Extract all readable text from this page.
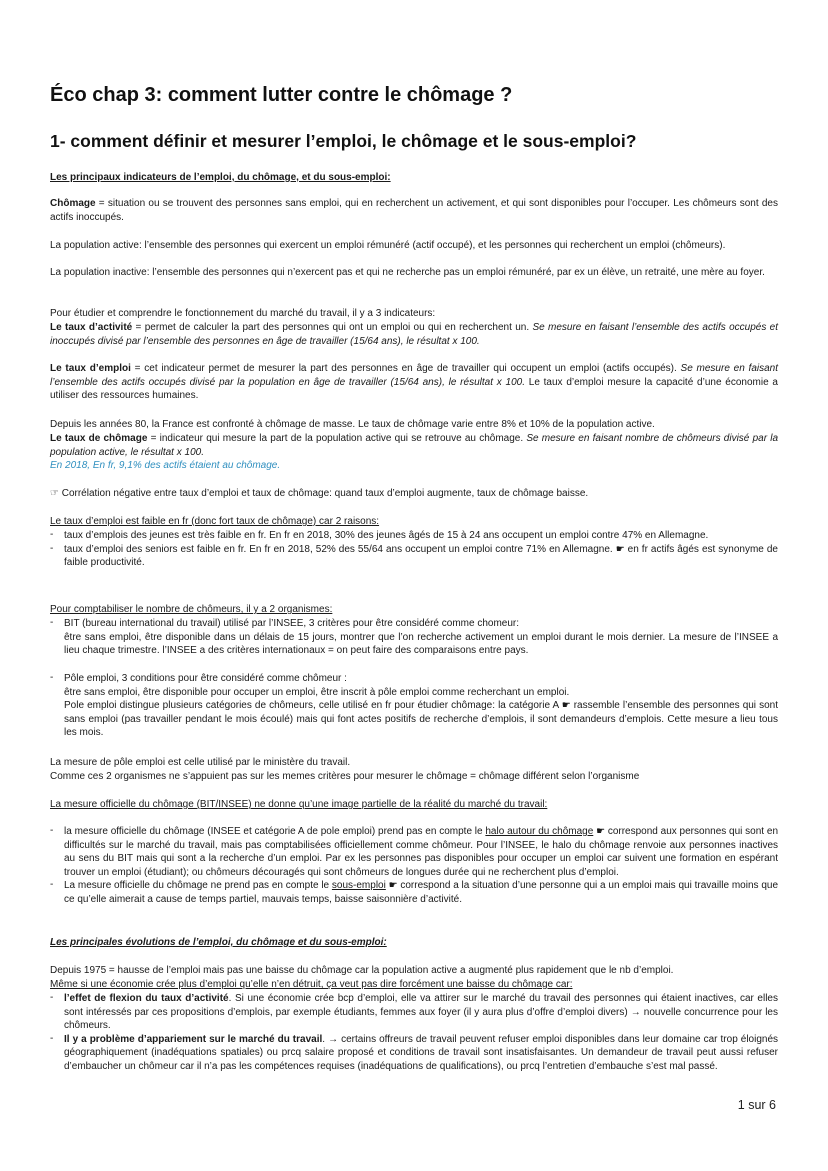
Éco chap 3: comment lutter contre le chômage ?
1- comment définir et mesurer l’emploi, le chômage et le sous-emploi?

Les principaux indicateurs de l’emploi, du chômage, et du sous-emploi:

Chômage = situation ou se trouvent des personnes sans emploi, qui en recherchent un activement, et qui sont disponibles pour l’occuper. Les chômeurs sont des actifs inoccupés.

La population active: l’ensemble des personnes qui exercent un emploi rémunéré (actif occupé), et les personnes qui recherchent un emploi (chômeurs).

La population inactive: l’ensemble des personnes qui n’exercent pas et qui ne recherche pas un emploi rémunéré, par ex un élève, un retraité, une mère au foyer.

Pour étudier et comprendre le fonctionnement du marché du travail, il y a 3 indicateurs:

Le taux d’activité = permet de calculer la part des personnes qui ont un emploi ou qui en recherchent un. Se mesure en faisant l’ensemble des actifs occupés et inoccupés divisé par l’ensemble des personnes en âge de travailler (15/64 ans), le résultat x 100.

Le taux d’emploi = cet indicateur permet de mesurer la part des personnes en âge de travailler qui occupent un emploi (actifs occupés). Se mesure en faisant l’ensemble des actifs occupés divisé par la population en âge de travailler (15/64 ans), le résultat x 100. Le taux d’emploi mesure la capacité d’une économie a utiliser des ressources humaines.

Depuis les années 80, la France est confronté à chômage de masse. Le taux de chômage varie entre 8% et 10% de la population active.

Le taux de chômage = indicateur qui mesure la part de la population active qui se retrouve au chômage. Se mesure en faisant nombre de chômeurs divisé par la population active, le résultat x 100.

En 2018, En fr, 9,1% des actifs étaient au chômage.

☞ Corrélation négative entre taux d’emploi et taux de chômage: quand taux d’emploi augmente, taux de chômage baisse.

Le taux d’emploi est faible en fr (donc fort taux de chômage) car 2 raisons:

- taux d’emplois des jeunes est très faible en fr. En fr en 2018, 30% des jeunes âgés de 15 à 24 ans occupent un emploi contre 47% en Allemagne.
- taux d’emploi des seniors est faible en fr. En fr en 2018, 52% des 55/64 ans occupent un emploi contre 71% en Allemagne. ☛ en fr actifs âgés est synonyme de faible productivité.

Pour comptabiliser le nombre de chômeurs, il y a 2 organismes:

- BIT (bureau international du travail) utilisé par l’INSEE, 3 critères pour être considéré comme chomeur:
être sans emploi, être disponible dans un délais de 15 jours, montrer que l’on recherche activement un emploi durant le mois dernier. La mesure de l’INSEE a lieu chaque trimestre. l’INSEE a des critères internationaux = on peut faire des comparaisons entre pays.
- Pôle emploi, 3 conditions pour être considéré comme chômeur :
être sans emploi, être disponible pour occuper un emploi, être inscrit à pôle emploi comme recherchant un emploi.
Pole emploi distingue plusieurs catégories de chômeurs, celle utilisé en fr pour étudier chômage: la catégorie A ☛ rassemble l’ensemble des personnes qui sont sans emploi (pas travailler pendant le mois écoulé) mais qui font actes positifs de recherche d’emplois, il sont demandeurs d’emplois. Cette mesure a lieu tous les mois.

La mesure de pôle emploi est celle utilisé par le ministère du travail.

Comme ces 2 organismes ne s’appuient pas sur les memes critères pour mesurer le chômage = chômage différent selon l’organisme

La mesure officielle du chômage (BIT/INSEE) ne donne qu’une image partielle de la réalité du marché du travail:

- la mesure officielle du chômage (INSEE et catégorie A de pole emploi) prend pas en compte le halo autour du chômage ☛ correspond aux personnes qui sont en difficultés sur le marché du travail, mais pas comptabilisées officiellement comme chômeur. Pour l’INSEE, le halo du chômage renvoie aux personnes inactives au sens du BIT mais qui sont a la recherche d’un emploi. Par ex les personnes pas disponibles pour occuper un emploi car suivent une formation en espérant trouver un emploi (étudiant); ou chômeurs découragés qui sont chômeurs de longues durée qui ne recherchent plus d’emploi.
- La mesure officielle du chômage ne prend pas en compte le sous-emploi ☛ correspond a la situation d’une personne qui a un emploi mais qui travaille moins que ce qu’elle aimerait a cause de temps partiel, mauvais temps, baisse saisonnière d’activité.

Les principales évolutions de l’emploi, du chômage et du sous-emploi:

Depuis 1975 = hausse de l’emploi mais pas une baisse du chômage car la population active a augmenté plus rapidement que le nb d’emploi.

Même si une économie crée plus d’emploi qu’elle n’en détruit, ça veut pas dire forcément une baisse du chômage car:

- l’effet de flexion du taux d’activité. Si une économie crée bcp d’emploi, elle va attirer sur le marché du travail des personnes qui étaient inactives, car elles sont intéressés par ces propositions d’emplois, par exemple étudiants, femmes aux foyer (il y aura plus d’offre d’emploi divers) → nouvelle concurrence pour les chômeurs.
- Il y a problème d’appariement sur le marché du travail. → certains offreurs de travail peuvent refuser emploi disponibles dans leur domaine car trop éloignés géographiquement (inadéquations spatiales) ou prcq salaire proposé et conditions de travail sont insatisfaisantes. Un demandeur de travail peut aussi refuser d’embaucher un chômeur car il n’a pas les compétences requises (inadéquations de qualifications), ou prcq l’entretien d’embauche s’est mal passé.
1 sur 6
